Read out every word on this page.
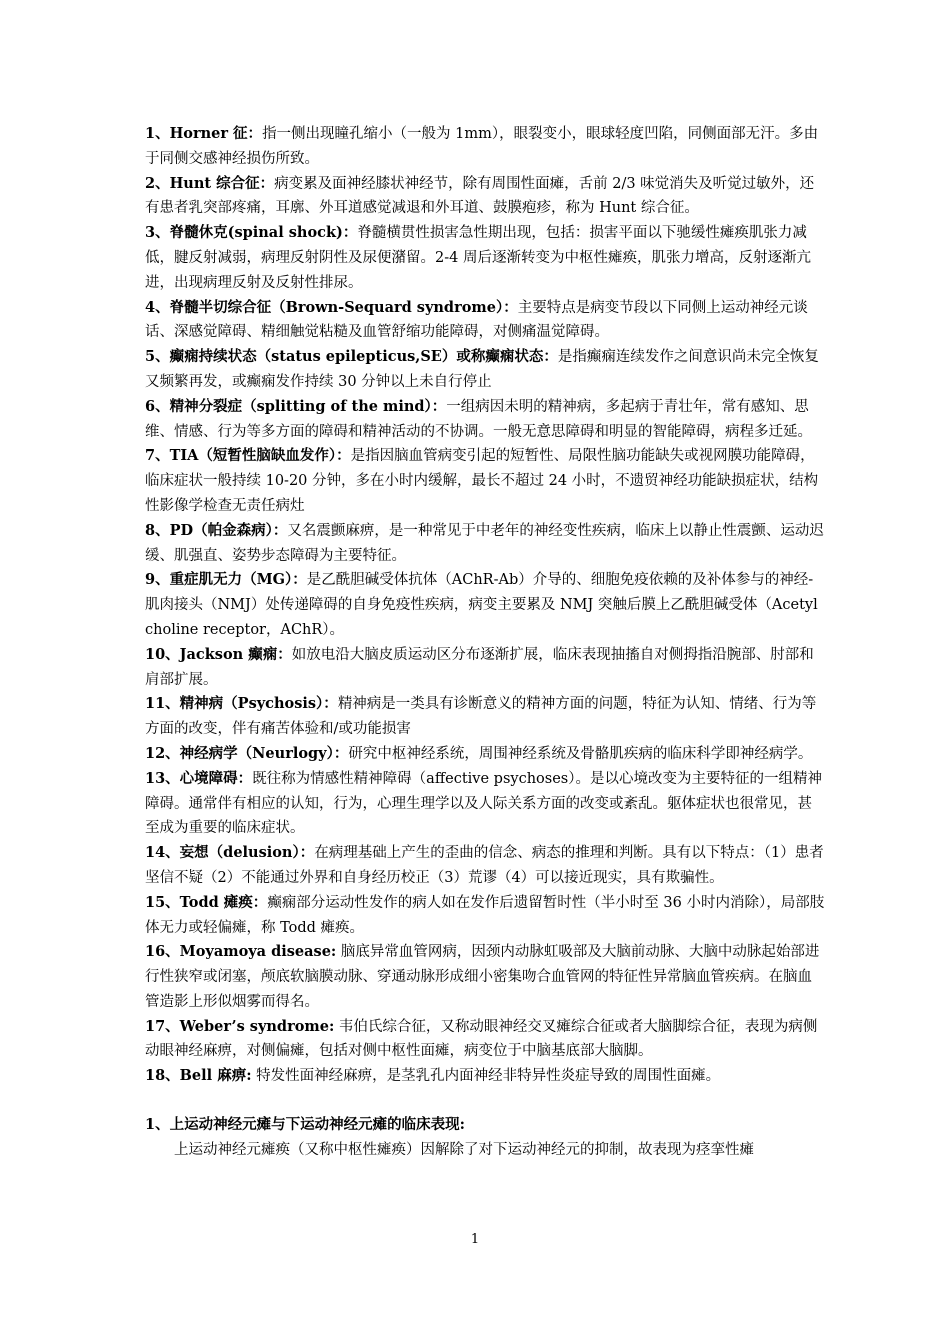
1、Horner 征：指一侧出现瞳孔缩小（一般为 1mm），眼裂变小，眼球轻度凹陷，同侧面部无汗。多由于同侧交感神经损伤所致。

2、Hunt 综合征：病变累及面神经膝状神经节，除有周围性面瘫，舌前 2/3 味觉消失及听觉过敏外，还有患者乳突部疼痛，耳廓、外耳道感觉减退和外耳道、鼓膜疱疹，称为 Hunt 综合征。

3、脊髓休克(spinal shock)：脊髓横贯性损害急性期出现，包括：损害平面以下驰缓性瘫痪肌张力减低，腱反射减弱，病理反射阴性及尿便潴留。2-4 周后逐渐转变为中枢性瘫痪，肌张力增高，反射逐渐亢进，出现病理反射及反射性排尿。

4、脊髓半切综合征（Brown-Sequard syndrome）：主要特点是病变节段以下同侧上运动神经元谈话、深感觉障碍、精细触觉粘糙及血管舒缩功能障碍，对侧痛温觉障碍。

5、癫痫持续状态（status epilepticus,SE）或称癫痫状态：是指癫痫连续发作之间意识尚未完全恢复又频繁再发，或癫痫发作持续 30 分钟以上未自行停止

6、精神分裂症（splitting of the mind）：一组病因未明的精神病，多起病于青壮年，常有感知、思维、情感、行为等多方面的障碍和精神活动的不协调。一般无意思障碍和明显的智能障碍，病程多迁延。

7、TIA（短暂性脑缺血发作）：是指因脑血管病变引起的短暂性、局限性脑功能缺失或视网膜功能障碍，临床症状一般持续 10-20 分钟，多在小时内缓解，最长不超过 24 小时，不遗贸神经功能缺损症状，结构性影像学检查无责任病灶

8、PD（帕金森病）：又名震颤麻痹，是一种常见于中老年的神经变性疾病，临床上以静止性震颤、运动迟缓、肌强直、姿势步态障碍为主要特征。

9、重症肌无力（MG）：是乙酰胆碱受体抗体（AChR-Ab）介导的、细胞免疫依赖的及补体参与的神经-肌肉接头（NMJ）处传递障碍的自身免疫性疾病，病变主要累及 NMJ 突触后膜上乙酰胆碱受体（Acetylcholine receptor，AChR）。

10、Jackson 癫痫：如放电沿大脑皮质运动区分布逐渐扩展，临床表现抽搐自对侧拇指沿腕部、肘部和肩部扩展。

11、精神病（Psychosis）：精神病是一类具有诊断意义的精神方面的问题，特征为认知、情绪、行为等方面的改变，伴有痛苦体验和/或功能损害

12、神经病学（Neurlogy）：研究中枢神经系统，周围神经系统及骨骼肌疾病的临床科学即神经病学。

13、心境障碍：既往称为情感性精神障碍（affective psychoses）。是以心境改变为主要特征的一组精神障碍。通常伴有相应的认知，行为，心理生理学以及人际关系方面的改变或紊乱。躯体症状也很常见，甚至成为重要的临床症状。

14、妄想（delusion）：在病理基础上产生的歪曲的信念、病态的推理和判断。具有以下特点：（1）患者坚信不疑（2）不能通过外界和自身经历校正（3）荒谬（4）可以接近现实，具有欺骗性。

15、Todd 瘫痪：癫痫部分运动性发作的病人如在发作后遗留暂时性（半小时至 36 小时内消除），局部肢体无力或轻偏瘫，称 Todd 瘫痪。

16、Moyamoya disease: 脑底异常血管网病，因颈内动脉虹吸部及大脑前动脉、大脑中动脉起始部进行性狭窄或闭塞，颅底软脑膜动脉、穿通动脉形成细小密集吻合血管网的特征性异常脑血管疾病。在脑血管造影上形似烟雾而得名。

17、Weber’s syndrome: 韦伯氏综合征，又称动眼神经交叉瘫综合征或者大脑脚综合征，表现为病侧动眼神经麻痹，对侧偏瘫，包括对侧中枢性面瘫，病变位于中脑基底部大脑脚。

18、Bell 麻痹: 特发性面神经麻痹，是茎乳孔内面神经非特异性炎症导致的周围性面瘫。

1、上运动神经元瘫与下运动神经元瘫的临床表现:

上运动神经元瘫痪（又称中枢性瘫痪）因解除了对下运动神经元的抑制，故表现为痉挛性瘫

1
